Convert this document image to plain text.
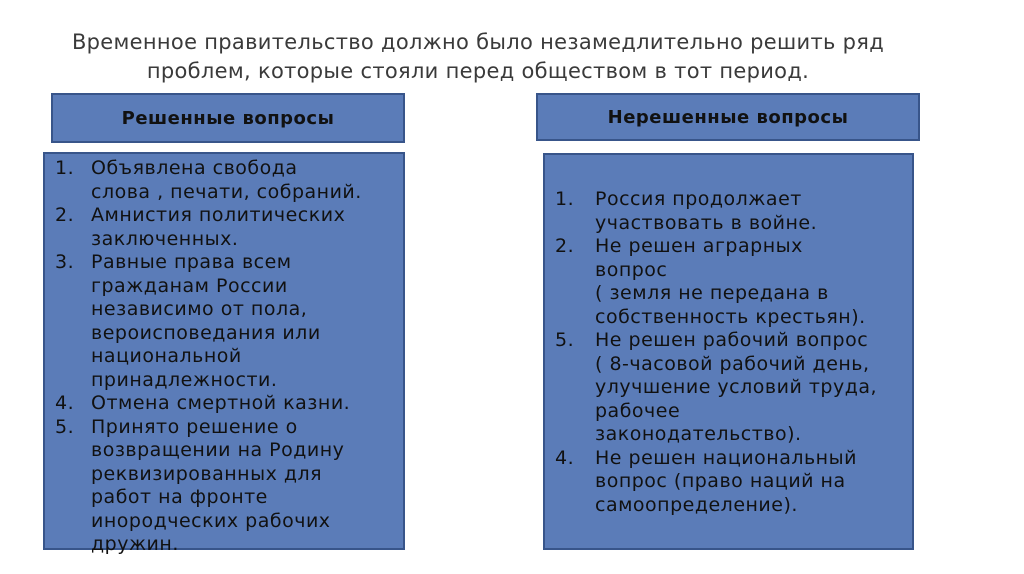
Временное правительство должно было незамедлительно решить ряд
проблем, которые стояли перед обществом в тот период.
Решенные вопросы	Нерешенные вопросы
1. Объявлена свобода
слова , печати, собраний.
2. Амнистия политических
заключенных.
3. Равные права всем
гражданам России
независимо от пола,
вероисповедания или
национальной
принадлежности.
4. Отмена смертной казни.
5. Принято решение о
возвращении на Родину
реквизированных для
работ на фронте
инородческих рабочих
дружин.
1.	Россия продолжает
участвовать в войне.
2.	Не решен аграрных
вопрос
( земля не передана в
собственность крестьян).
5.	Не решен рабочий вопрос
( 8-часовой рабочий день,
улучшение условий труда,
рабочее
законодательство).
4.	Не решен национальный
вопрос (право наций на
самоопределение).
